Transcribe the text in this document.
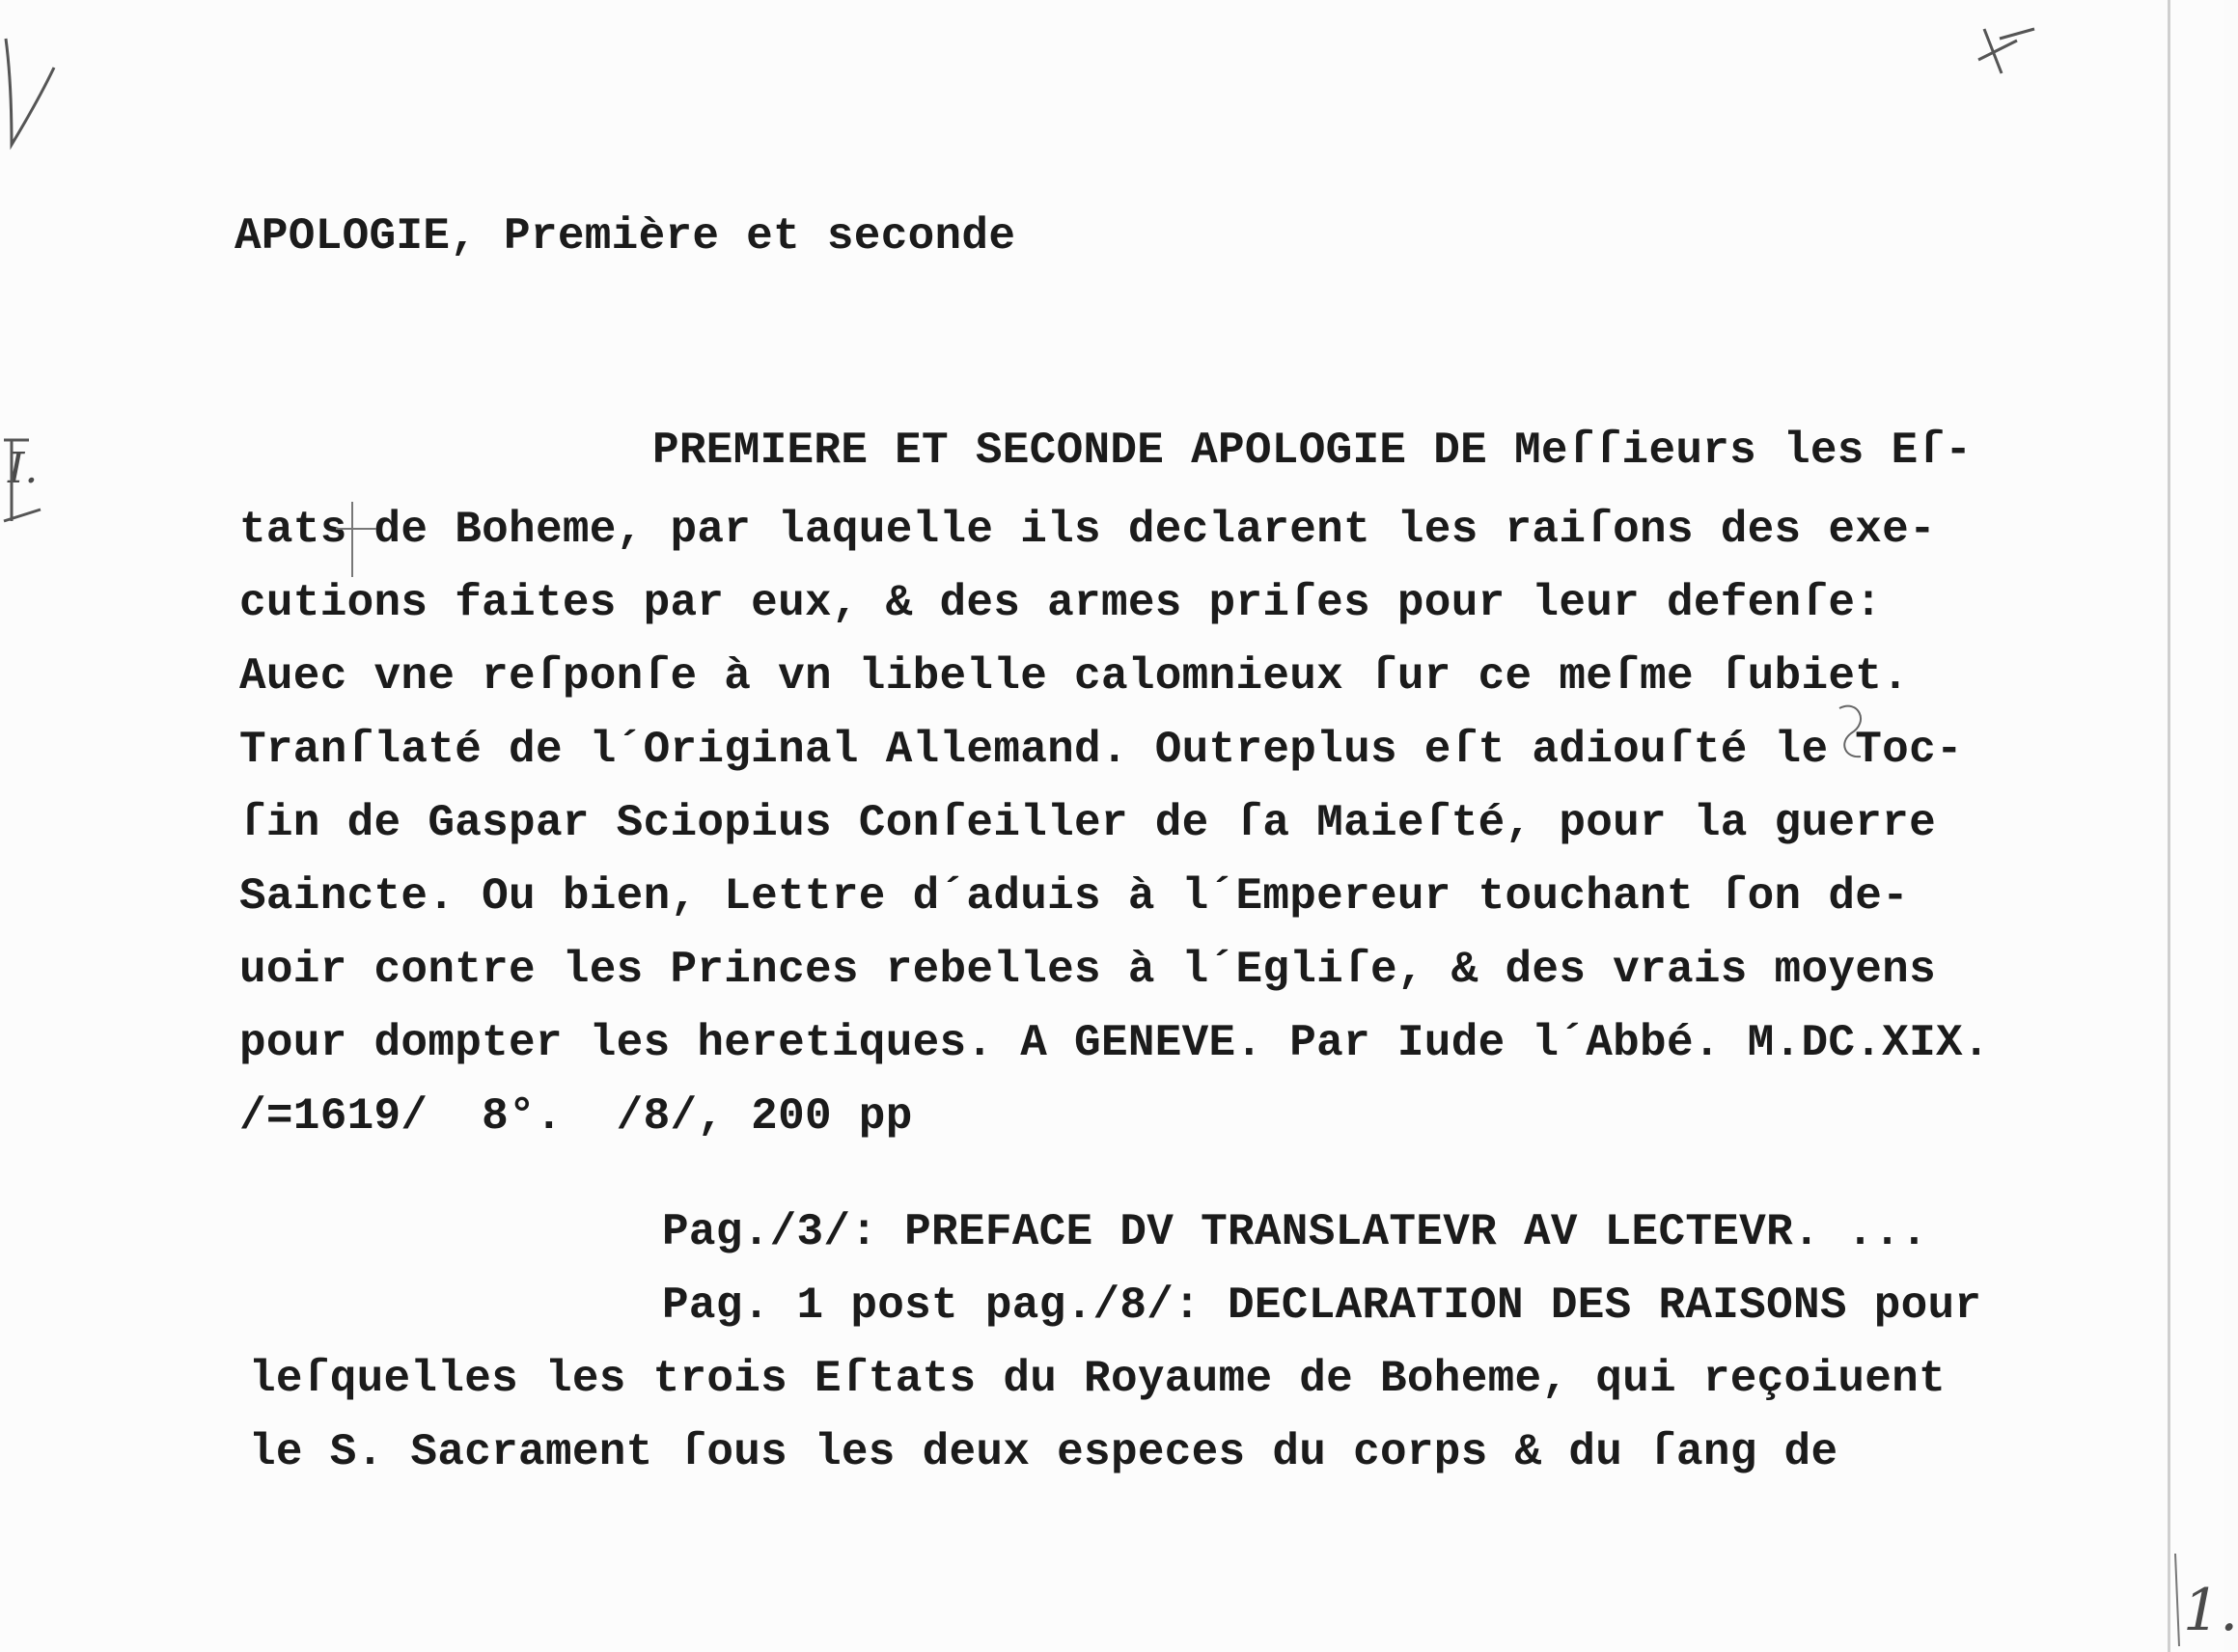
APOLOGIE, Première et seconde
PREMIERE ET SECONDE APOLOGIE DE Meſſieurs les Eſ-
tats de Boheme, par laquelle ils declarent les raiſons des exe-
cutions faites par eux, & des armes priſes pour leur defenſe:
Auec vne reſponſe à vn libelle calomnieux ſur ce meſme ſubiet.
Tranſlaté de l´Original Allemand. Outreplus eſt adiouſté le Toc-
ſin de Gaspar Sciopius Conſeiller de ſa Maieſté, pour la guerre
Saincte. Ou bien, Lettre d´aduis à l´Empereur touchant ſon de-
uoir contre les Princes rebelles à l´Egliſe, & des vrais moyens
pour dompter les heretiques. A GENEVE. Par Iude l´Abbé. M.DC.XIX.
/=1619/  8°.  /8/, 200 pp
Pag./3/: PREFACE DV TRANSLATEVR AV LECTEVR. ...
Pag. 1 post pag./8/: DECLARATION DES RAISONS pour
leſquelles les trois Eſtats du Royaume de Boheme, qui reçoiuent
le S. Sacrament ſous les deux especes du corps & du ſang de
I.
1.
